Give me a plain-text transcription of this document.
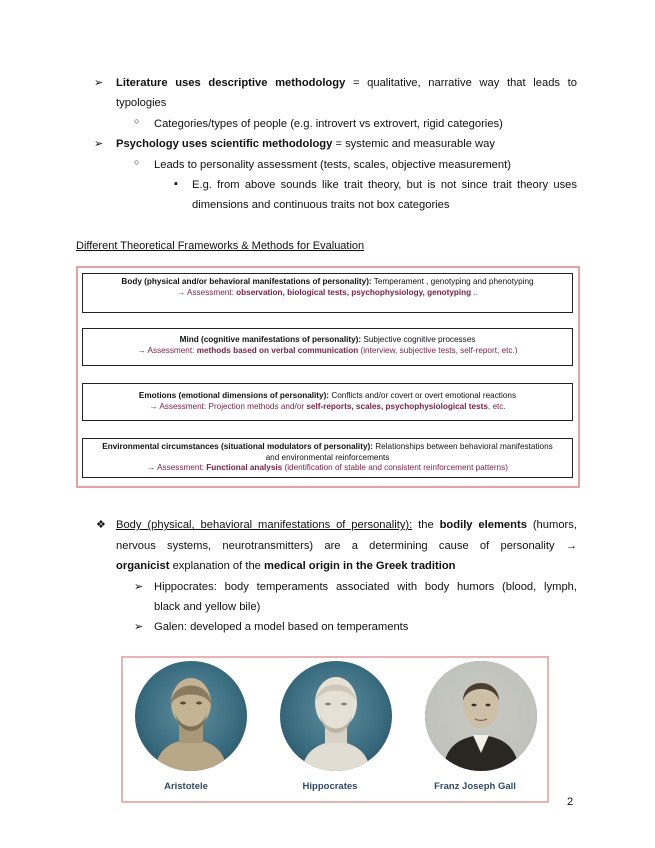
➢ Literature uses descriptive methodology = qualitative, narrative way that leads to
typologies
○ Categories/types of people (e.g. introvert vs extrovert, rigid categories)
➢ Psychology uses scientific methodology = systemic and measurable way
○ Leads to personality assessment (tests, scales, objective measurement)
▪ E.g. from above sounds like trait theory, but is not since trait theory uses
dimensions and continuous traits not box categories
Different Theoretical Frameworks & Methods for Evaluation
Body (physical and/or behavioral manifestations of personality): Temperament , genotyping and phenotyping
→ Assessment: observation, biological tests, psychophysiology, genotyping ..
Mind (cognitive manifestations of personality): Subjective cognitive processes
→ Assessment: methods based on verbal communication (interview, subjective tests, self-report, etc.)
Emotions (emotional dimensions of personality): Conflicts and/or covert or overt emotional reactions
→ Assessment: Projection methods and/or self-reports, scales, psychophysiological tests, etc.
Environmental circumstances (situational modulators of personality): Relationships between behavioral manifestations
and environmental reinforcements
→ Assessment: Functional analysis (identification of stable and consistent reinforcement patterns)
❖ Body (physical, behavioral manifestations of personality): the bodily elements (humors,
nervous systems, neurotransmitters) are a determining cause of personality →
organicist explanation of the medical origin in the Greek tradition
➢ Hippocrates: body temperaments associated with body humors (blood, lymph,
black and yellow bile)
➢ Galen: developed a model based on temperaments
Aristotele	Hippocrates	Franz Joseph Gall
2
